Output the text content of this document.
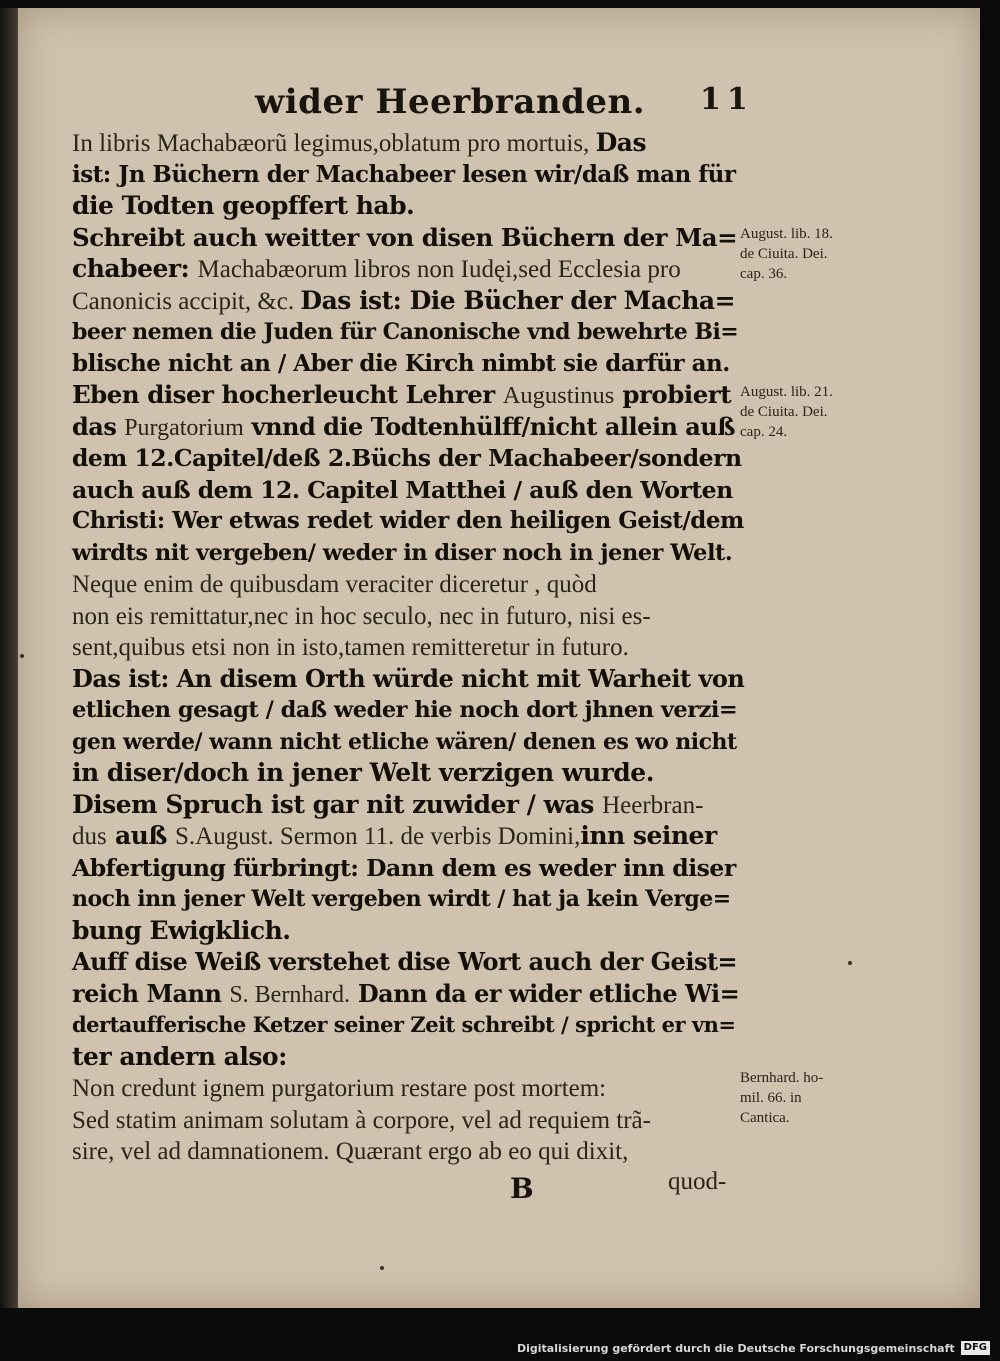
wider Heerbranden. 11
In libris Machabæorũ legimus,oblatum pro mortuis, Das
ist: Jn Büchern der Machabeer lesen wir/daß man für
die Todten geopffert hab.
Schreibt auch weitter von disen Büchern der Ma=
chabeer: Machabæorum libros non Iudęi,sed Ecclesia pro
Canonicis accipit, &c. Das ist: Die Bücher der Macha=
beer nemen die Juden für Canonische vnd bewehrte Bi=
blische nicht an / Aber die Kirch nimbt sie darfür an.
Eben diser hocherleucht Lehrer Augustinus probiert
das Purgatorium vnnd die Todtenhülff/nicht allein auß
dem 12.Capitel/deß 2.Büchs der Machabeer/sondern
auch auß dem 12. Capitel Matthei / auß den Worten
Christi: Wer etwas redet wider den heiligen Geist/dem
wirdts nit vergeben/ weder in diser noch in jener Welt.
Neque enim de quibusdam veraciter diceretur , quòd
non eis remittatur,nec in hoc seculo, nec in futuro, nisi es-
sent,quibus etsi non in isto,tamen remitteretur in futuro.
Das ist: An disem Orth würde nicht mit Warheit von
etlichen gesagt / daß weder hie noch dort jhnen verzi=
gen werde/ wann nicht etliche wären/ denen es wo nicht
in diser/doch in jener Welt verzigen wurde.
Disem Spruch ist gar nit zuwider / was Heerbran-
dus auß S.August. Sermon 11. de verbis Domini,inn seiner
Abfertigung fürbringt: Dann dem es weder inn diser
noch inn jener Welt vergeben wirdt / hat ja kein Verge=
bung Ewigklich.
Auff dise Weiß verstehet dise Wort auch der Geist=
reich Mann S. Bernhard. Dann da er wider etliche Wi=
dertaufferische Ketzer seiner Zeit schreibt / spricht er vn=
ter andern also:
Non credunt ignem purgatorium restare post mortem:
Sed statim animam solutam à corpore, vel ad requiem trã-
sire, vel ad damnationem. Quærant ergo ab eo qui dixit,
August. lib. 18.
de Ciuita. Dei.
cap. 36.
August. lib. 21.
de Ciuita. Dei.
cap. 24.
Bernhard. ho-
mil. 66. in
Cantica.
B	quod-
Digitalisierung gefördert durch die Deutsche Forschungsgemeinschaft DFG
